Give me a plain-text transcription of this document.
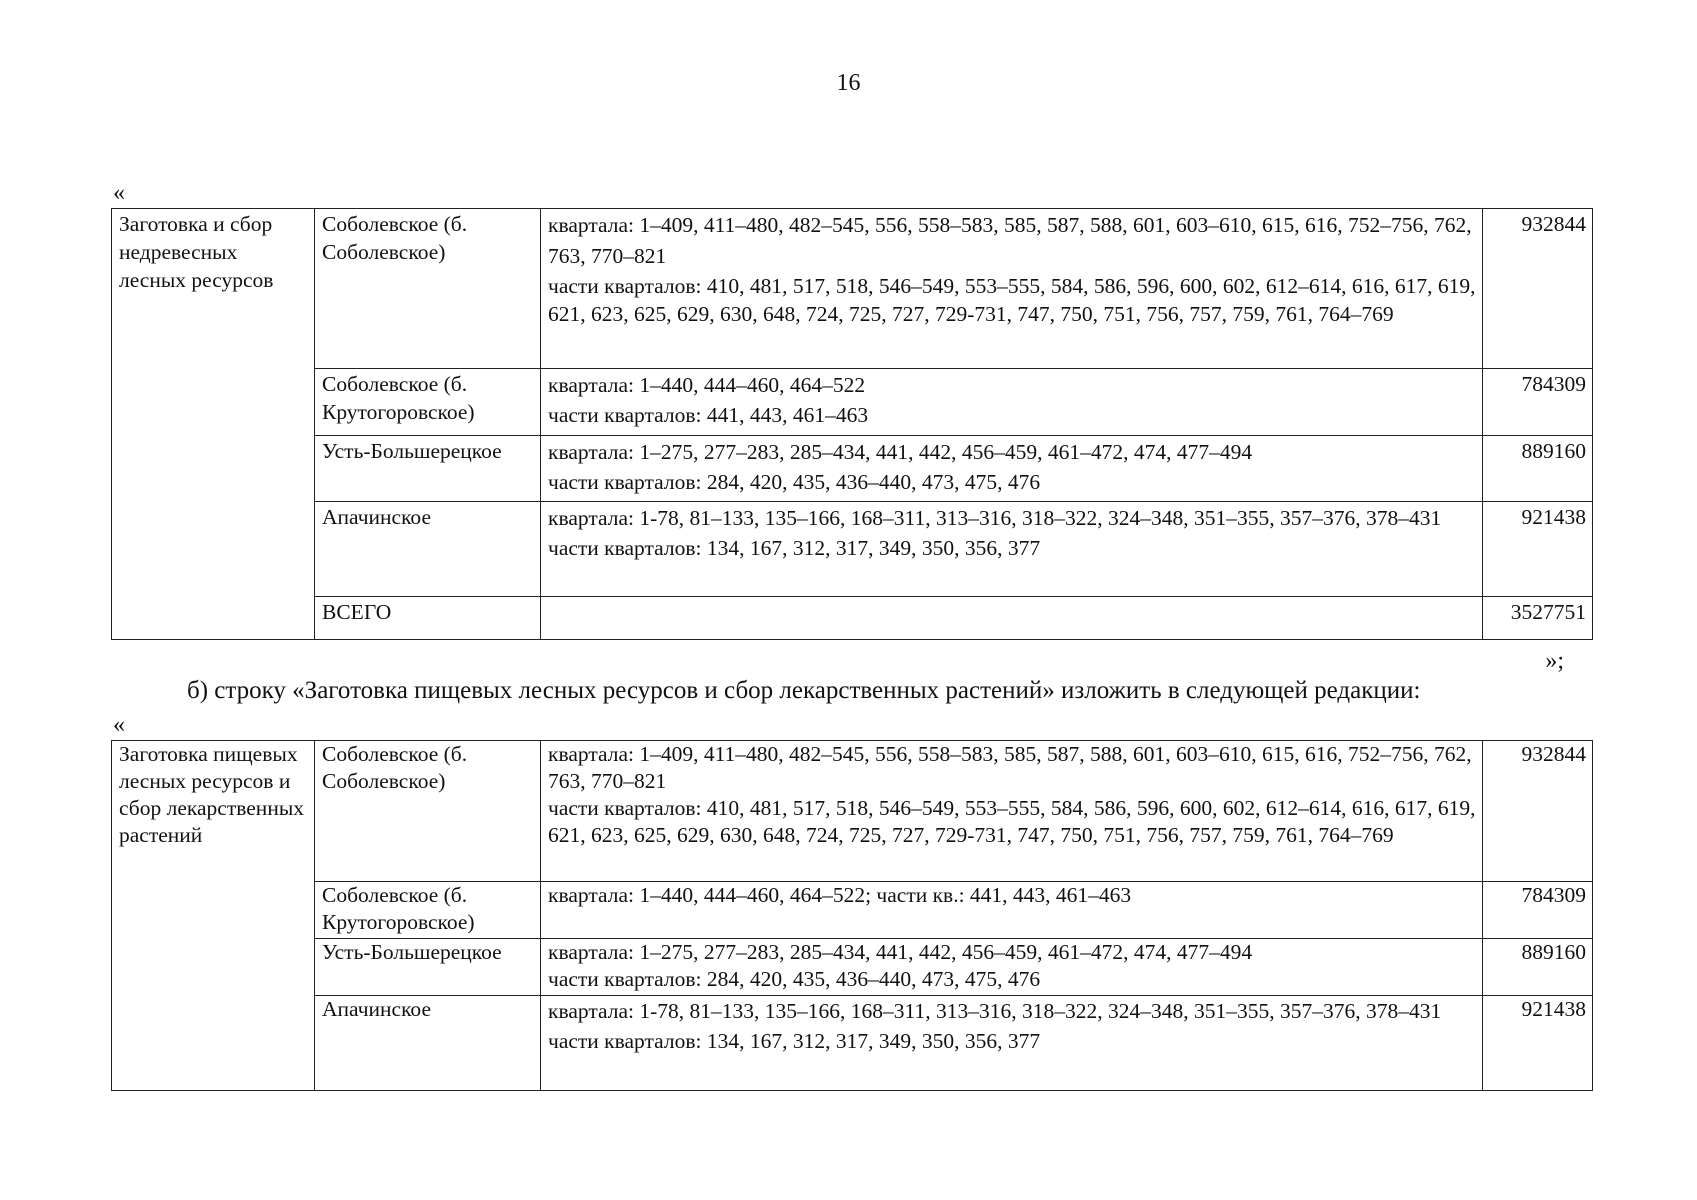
16
«
Заготовка и сбор недревесных лесных ресурсов	Соболевское (б. Соболевское)	квартала: 1–409, 411–480, 482–545, 556, 558–583, 585, 587, 588, 601, 603–610, 615, 616, 752–756, 762, 763, 770–821
части кварталов: 410, 481, 517, 518, 546–549, 553–555, 584, 586, 596, 600, 602, 612–614, 616, 617, 619, 621, 623, 625, 629, 630, 648, 724, 725, 727, 729-731, 747, 750, 751, 756, 757, 759, 761, 764–769	932844
	Соболевское (б. Крутогоровское)	квартала: 1–440, 444–460, 464–522
части кварталов: 441, 443, 461–463	784309
	Усть-Большерецкое	квартала: 1–275, 277–283, 285–434, 441, 442, 456–459, 461–472, 474, 477–494
части кварталов: 284, 420, 435, 436–440, 473, 475, 476	889160
	Апачинское	квартала: 1-78, 81–133, 135–166, 168–311, 313–316, 318–322, 324–348, 351–355, 357–376, 378–431
части кварталов: 134, 167, 312, 317, 349, 350, 356, 377	921438
	ВСЕГО		3527751
»;
б) строку «Заготовка пищевых лесных ресурсов и сбор лекарственных растений» изложить в следующей редакции:
«
Заготовка пищевых лесных ресурсов и сбор лекарственных растений	Соболевское (б. Соболевское)	квартала: 1–409, 411–480, 482–545, 556, 558–583, 585, 587, 588, 601, 603–610, 615, 616, 752–756, 762, 763, 770–821
части кварталов: 410, 481, 517, 518, 546–549, 553–555, 584, 586, 596, 600, 602, 612–614, 616, 617, 619, 621, 623, 625, 629, 630, 648, 724, 725, 727, 729-731, 747, 750, 751, 756, 757, 759, 761, 764–769	932844
	Соболевское (б. Крутогоровское)	квартала: 1–440, 444–460, 464–522; части кв.: 441, 443, 461–463	784309
	Усть-Большерецкое	квартала: 1–275, 277–283, 285–434, 441, 442, 456–459, 461–472, 474, 477–494
части кварталов: 284, 420, 435, 436–440, 473, 475, 476	889160
	Апачинское	квартала: 1-78, 81–133, 135–166, 168–311, 313–316, 318–322, 324–348, 351–355, 357–376, 378–431
части кварталов: 134, 167, 312, 317, 349, 350, 356, 377	921438
